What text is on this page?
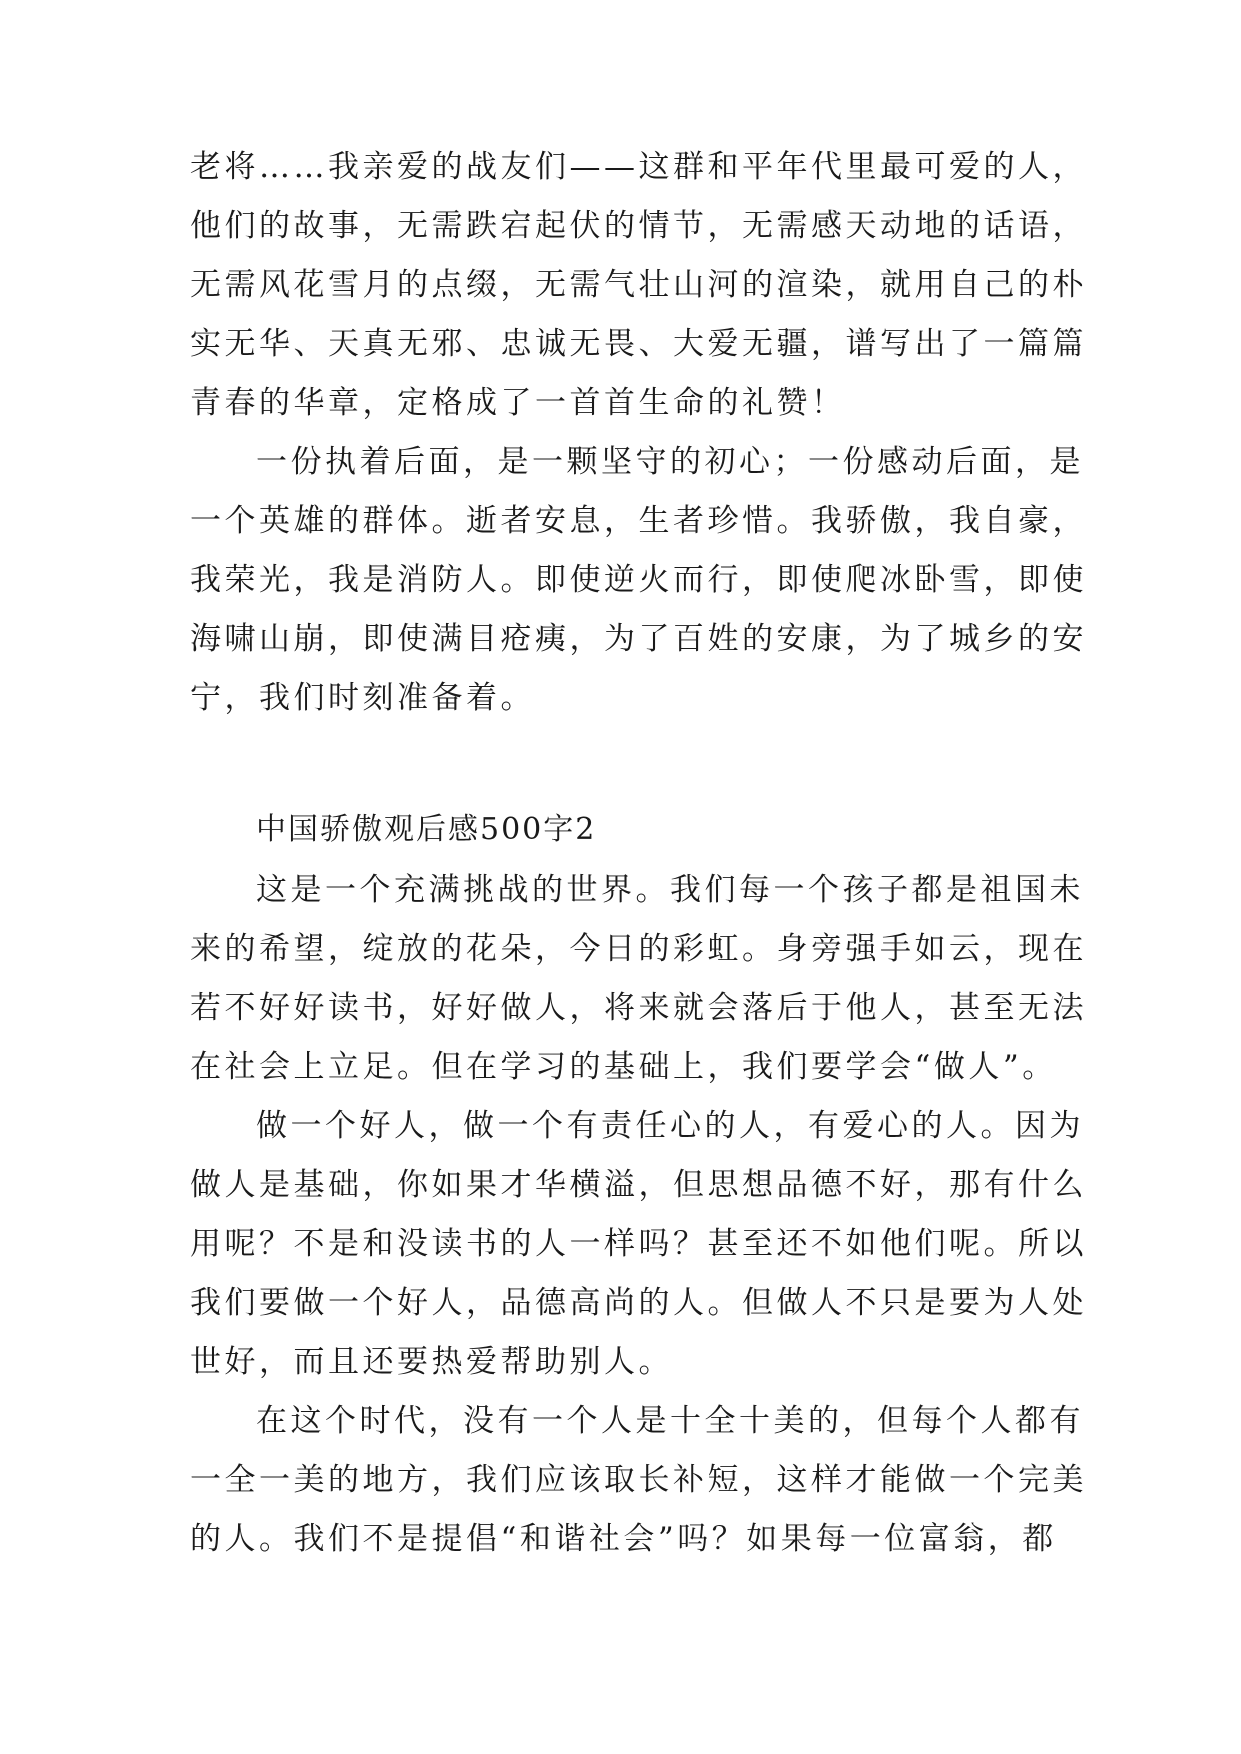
老将……我亲爱的战友们——这群和平年代里最可爱的人，
他们的故事，无需跌宕起伏的情节，无需感天动地的话语，
无需风花雪月的点缀，无需气壮山河的渲染，就用自己的朴
实无华、天真无邪、忠诚无畏、大爱无疆，谱写出了一篇篇
青春的华章，定格成了一首首生命的礼赞！
一份执着后面，是一颗坚守的初心；一份感动后面，是
一个英雄的群体。逝者安息，生者珍惜。我骄傲，我自豪，
我荣光，我是消防人。即使逆火而行，即使爬冰卧雪，即使
海啸山崩，即使满目疮痍，为了百姓的安康，为了城乡的安
宁，我们时刻准备着。
中国骄傲观后感500字2
这是一个充满挑战的世界。我们每一个孩子都是祖国未
来的希望，绽放的花朵，今日的彩虹。身旁强手如云，现在
若不好好读书，好好做人，将来就会落后于他人，甚至无法
在社会上立足。但在学习的基础上，我们要学会“做人”。
做一个好人，做一个有责任心的人，有爱心的人。因为
做人是基础，你如果才华横溢，但思想品德不好，那有什么
用呢？不是和没读书的人一样吗？甚至还不如他们呢。所以
我们要做一个好人，品德高尚的人。但做人不只是要为人处
世好，而且还要热爱帮助别人。
在这个时代，没有一个人是十全十美的，但每个人都有
一全一美的地方，我们应该取长补短，这样才能做一个完美
的人。我们不是提倡“和谐社会”吗？如果每一位富翁，都
